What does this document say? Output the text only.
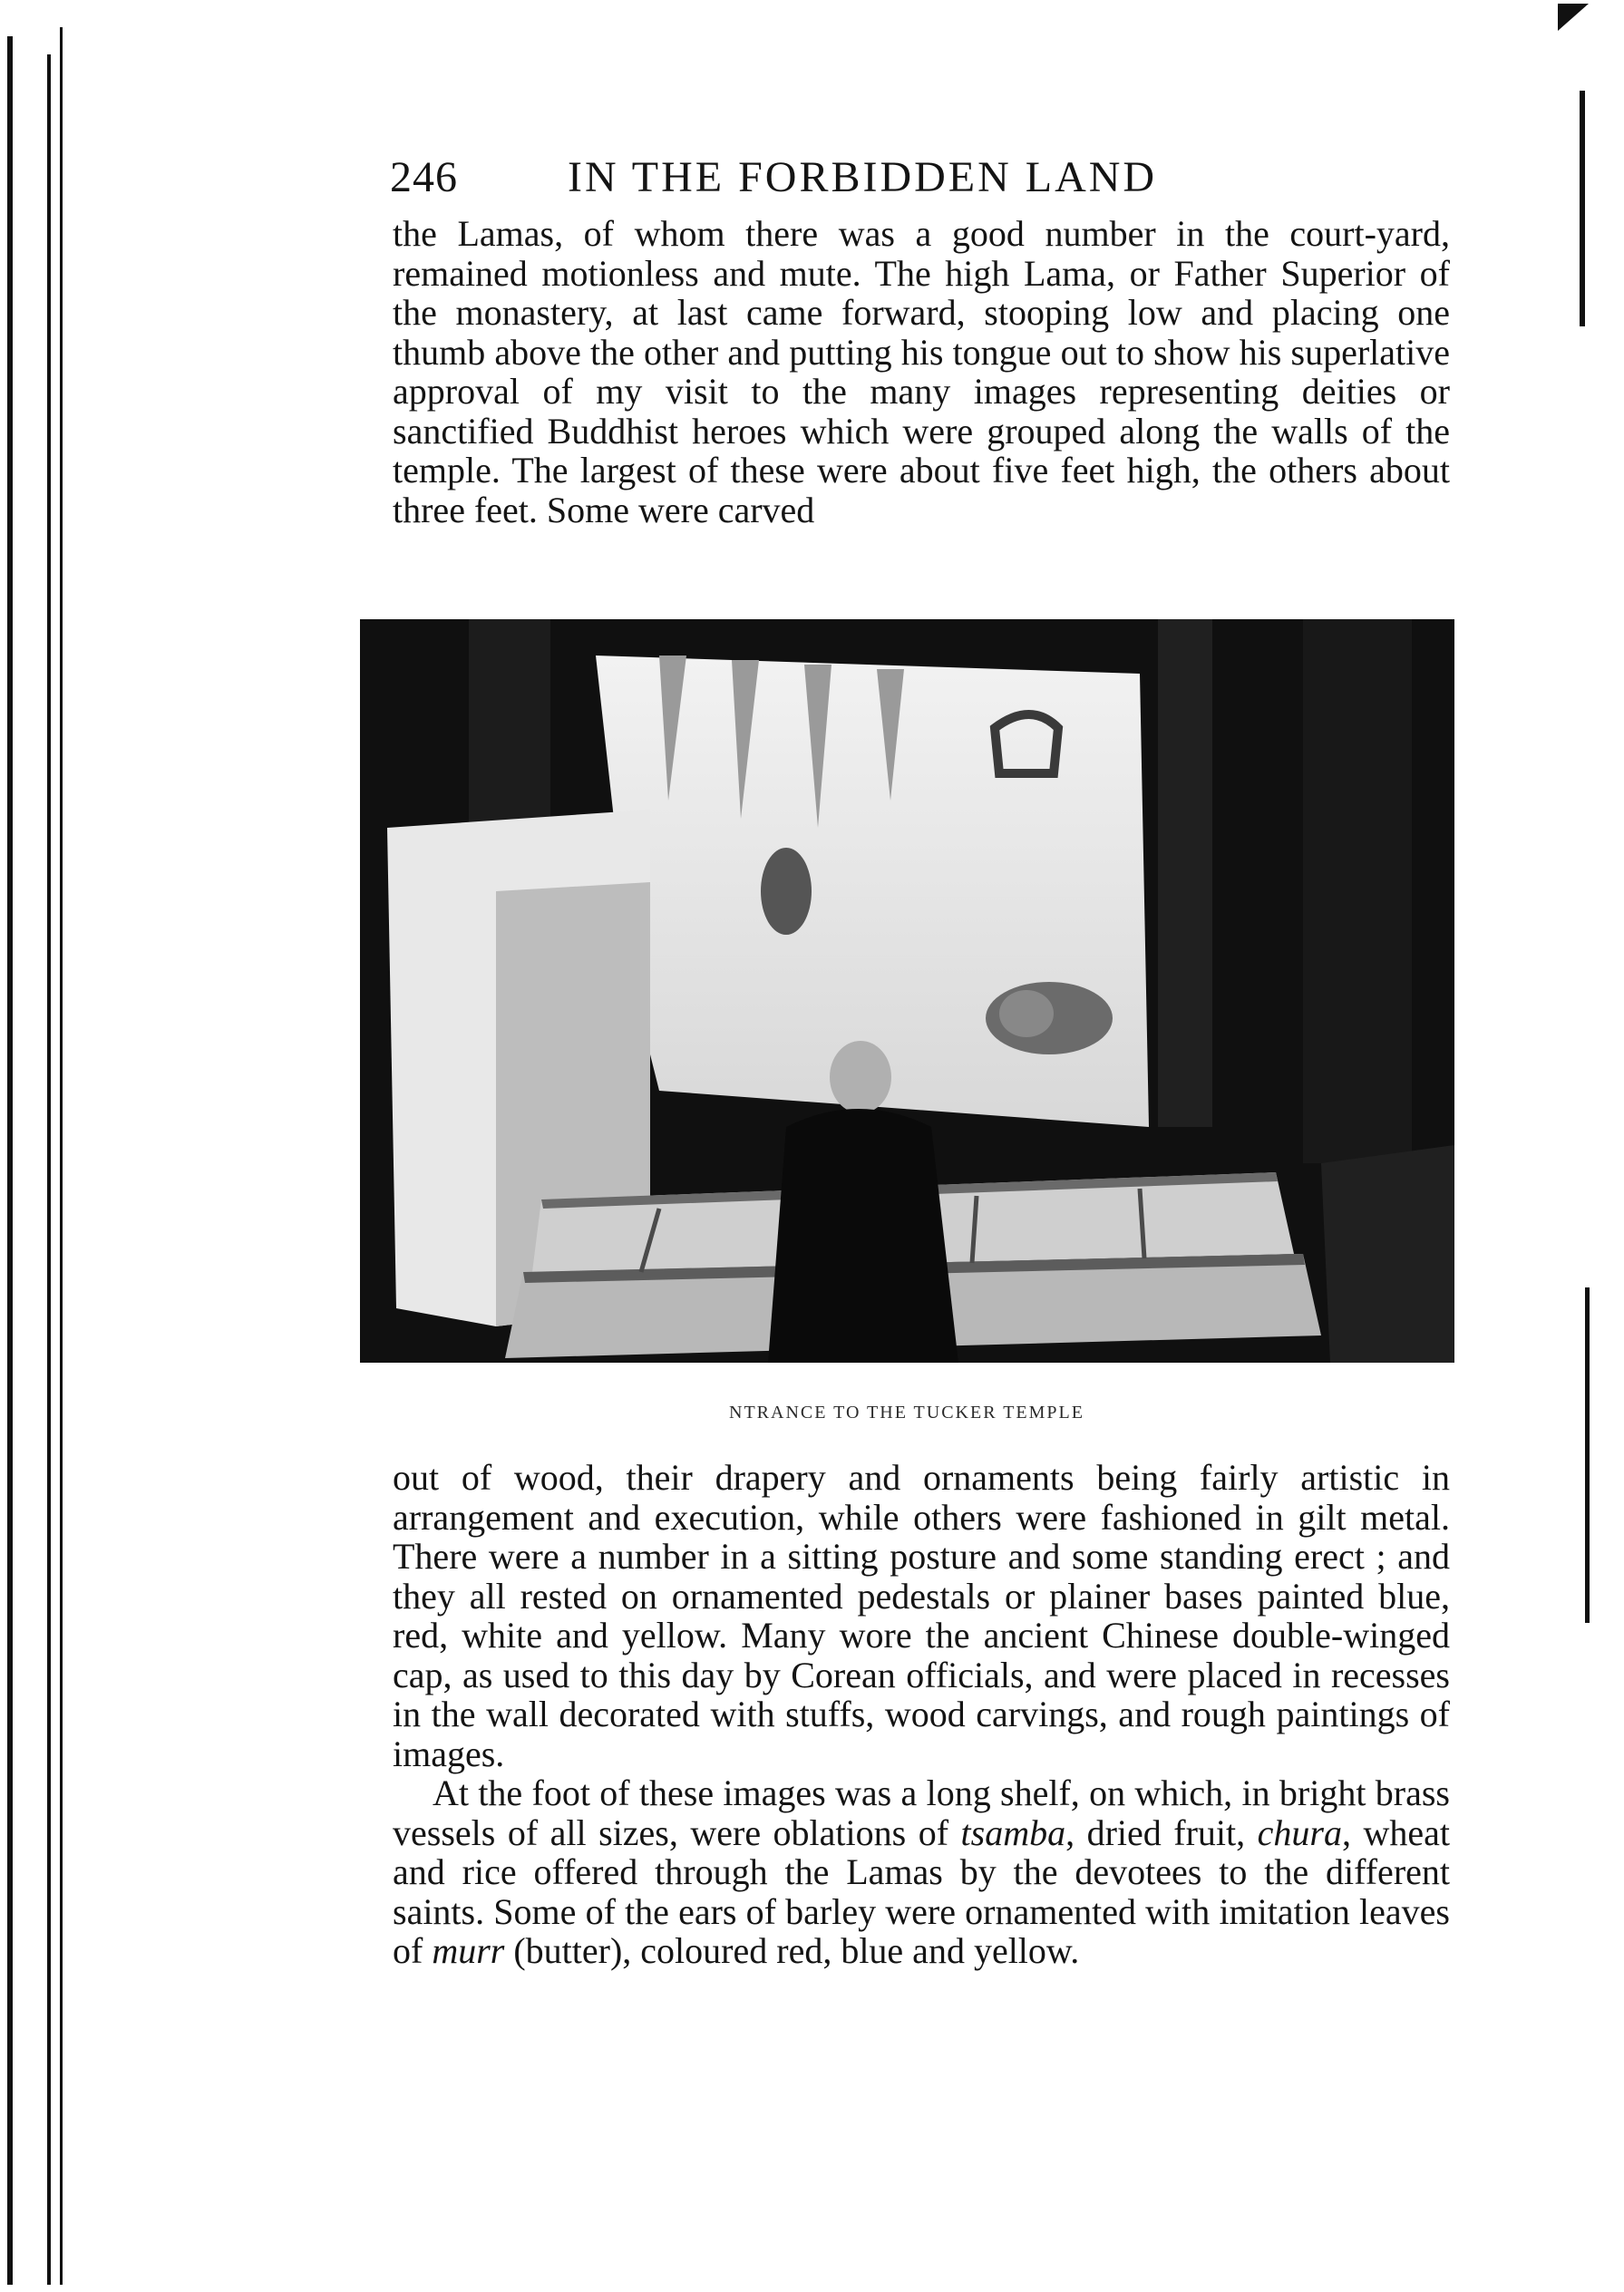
246	IN THE FORBIDDEN LAND

the Lamas, of whom there was a good number in the court-yard, remained motionless and mute. The high Lama, or Father Superior of the monastery, at last came forward, stooping low and placing one thumb above the other and putting his tongue out to show his superlative approval of my visit to the many images representing deities or sanctified Buddhist heroes which were grouped along the walls of the temple. The largest of these were about five feet high, the others about three feet. Some were carved

NTRANCE TO THE TUCKER TEMPLE

out of wood, their drapery and ornaments being fairly artistic in arrangement and execution, while others were fashioned in gilt metal. There were a number in a sitting posture and some standing erect ; and they all rested on ornamented pedestals or plainer bases painted blue, red, white and yellow. Many wore the ancient Chinese double-winged cap, as used to this day by Corean officials, and were placed in recesses in the wall decorated with stuffs, wood carvings, and rough paintings of images.

At the foot of these images was a long shelf, on which, in bright brass vessels of all sizes, were oblations of tsamba, dried fruit, chura, wheat and rice offered through the Lamas by the devotees to the different saints. Some of the ears of barley were ornamented with imitation leaves of murr (butter), coloured red, blue and yellow.
